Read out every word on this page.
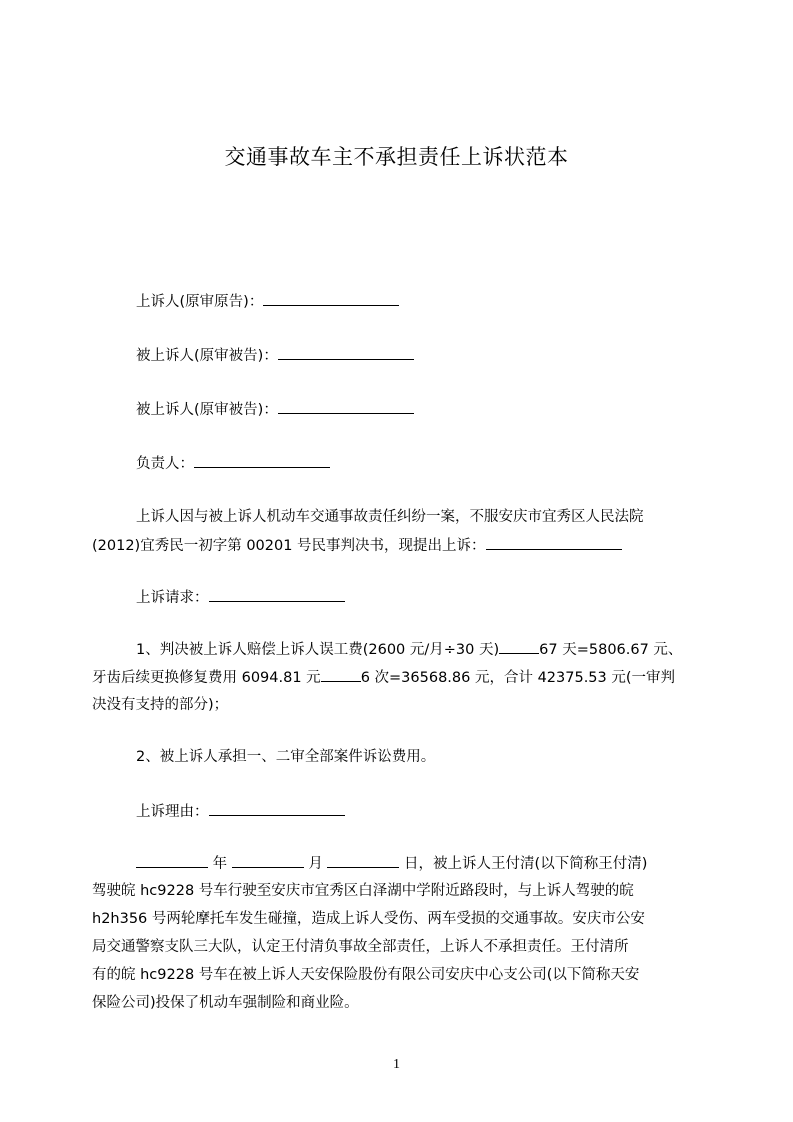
交通事故车主不承担责任上诉状范本
上诉人(原审原告)：
被上诉人(原审被告)：
被上诉人(原审被告)：
负责人：
上诉人因与被上诉人机动车交通事故责任纠纷一案，不服安庆市宜秀区人民法院
(2012)宜秀民一初字第 00201 号民事判决书，现提出上诉：
上诉请求：
1、判决被上诉人赔偿上诉人误工费(2600 元/月÷30 天)	67 天=5806.67 元、
牙齿后续更换修复费用 6094.81 元	6 次=36568.86 元，合计 42375.53 元(一审判
决没有支持的部分)；
2、被上诉人承担一、二审全部案件诉讼费用。
上诉理由：
年	月	日，被上诉人王付清(以下简称王付清)
驾驶皖 hc9228 号车行驶至安庆市宜秀区白泽湖中学附近路段时，与上诉人驾驶的皖
h2h356 号两轮摩托车发生碰撞，造成上诉人受伤、两车受损的交通事故。安庆市公安
局交通警察支队三大队，认定王付清负事故全部责任，上诉人不承担责任。王付清所
有的皖 hc9228 号车在被上诉人天安保险股份有限公司安庆中心支公司(以下简称天安
保险公司)投保了机动车强制险和商业险。
1
